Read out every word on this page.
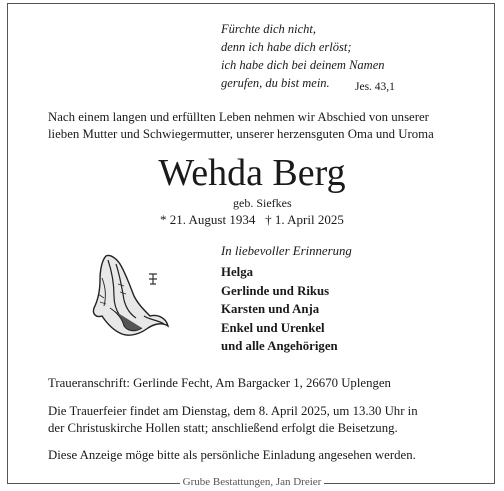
Fürchte dich nicht,
denn ich habe dich erlöst;
ich habe dich bei deinem Namen
gerufen, du bist mein.	Jes. 43,1
Nach einem langen und erfüllten Leben nehmen wir Abschied von unserer
lieben Mutter und Schwiegermutter, unserer herzensguten Oma und Uroma
Wehda Berg
geb. Siefkes
* 21. August 1934   † 1. April 2025
In liebevoller Erinnerung
Helga
Gerlinde und Rikus
Karsten und Anja
Enkel und Urenkel
und alle Angehörigen
Traueranschrift: Gerlinde Fecht, Am Bargacker 1, 26670 Uplengen
Die Trauerfeier findet am Dienstag, dem 8. April 2025, um 13.30 Uhr in
der Christuskirche Hollen statt; anschließend erfolgt die Beisetzung.
Diese Anzeige möge bitte als persönliche Einladung angesehen werden.
Grube Bestattungen, Jan Dreier
